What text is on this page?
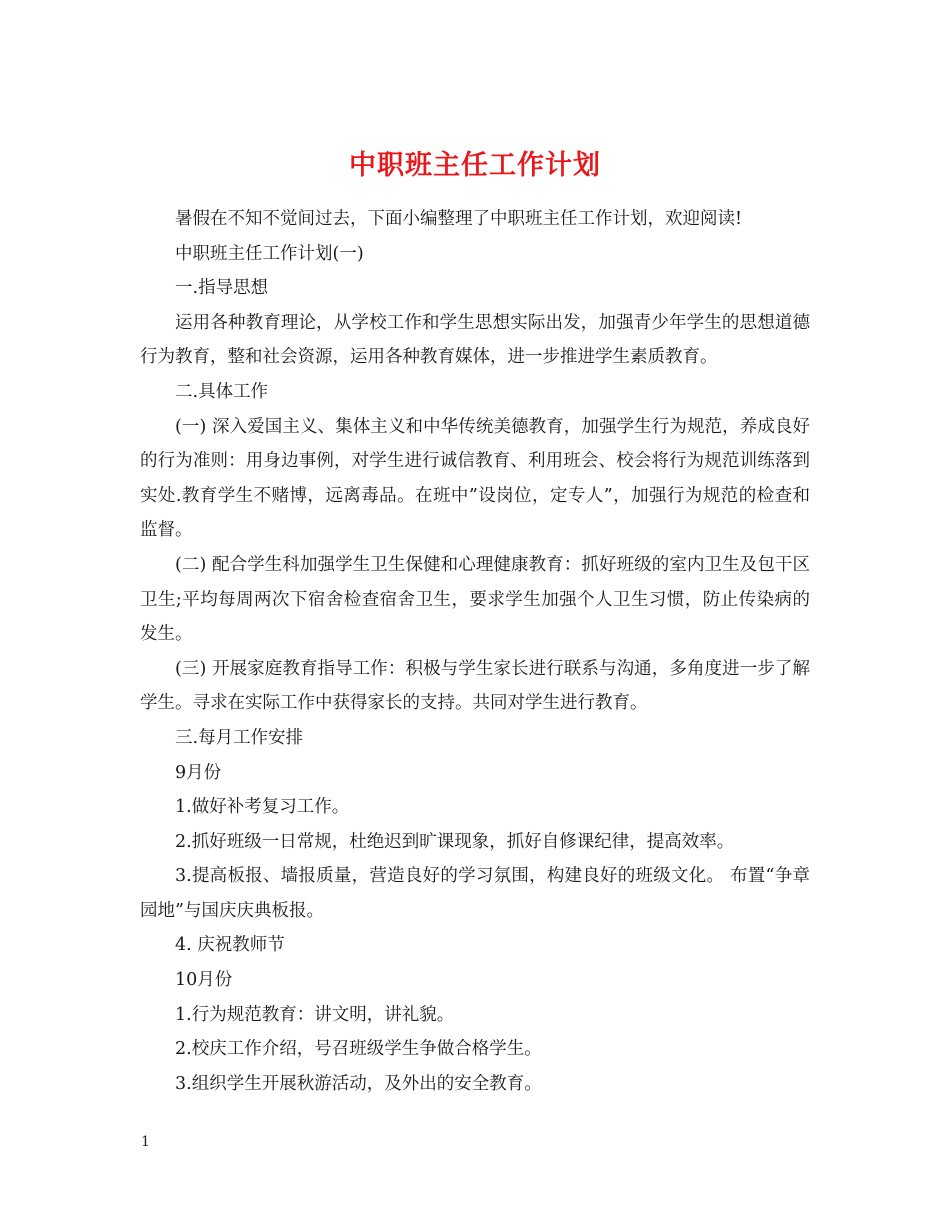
中职班主任工作计划

暑假在不知不觉间过去，下面小编整理了中职班主任工作计划，欢迎阅读!

中职班主任工作计划(一)

一.指导思想

运用各种教育理论，从学校工作和学生思想实际出发，加强青少年学生的思想道德行为教育，整和社会资源，运用各种教育媒体，进一步推进学生素质教育。

二.具体工作

(一) 深入爱国主义、集体主义和中华传统美德教育，加强学生行为规范，养成良好的行为准则：用身边事例，对学生进行诚信教育、利用班会、校会将行为规范训练落到实处.教育学生不赌博，远离毒品。在班中”设岗位，定专人”，加强行为规范的检查和监督。

(二) 配合学生科加强学生卫生保健和心理健康教育：抓好班级的室内卫生及包干区卫生;平均每周两次下宿舍检查宿舍卫生，要求学生加强个人卫生习惯，防止传染病的发生。

(三) 开展家庭教育指导工作：积极与学生家长进行联系与沟通，多角度进一步了解学生。寻求在实际工作中获得家长的支持。共同对学生进行教育。

三.每月工作安排

9月份

1.做好补考复习工作。

2.抓好班级一日常规，杜绝迟到旷课现象，抓好自修课纪律，提高效率。

3.提高板报、墙报质量，营造良好的学习氛围，构建良好的班级文化。 布置“争章园地”与国庆庆典板报。

4. 庆祝教师节

10月份

1.行为规范教育：讲文明，讲礼貌。

2.校庆工作介绍，号召班级学生争做合格学生。

3.组织学生开展秋游活动，及外出的安全教育。

1
